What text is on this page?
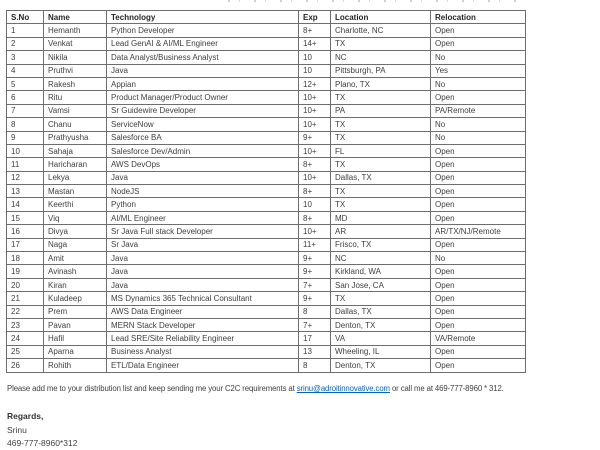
S.No	Name	Technology	Exp	Location	Relocation
1	Hemanth	Python Developer	8+	Charlotte, NC	Open
2	Venkat	Lead GenAI & AI/ML Engineer	14+	TX	Open
3	Nikila	Data Analyst/Business Analyst	10	NC	No
4	Pruthvi	Java	10	Pittsburgh, PA	Yes
5	Rakesh	Appian	12+	Plano, TX	No
6	Ritu	Product Manager/Product Owner	10+	TX	Open
7	Vamsi	Sr Guidewire Developer	10+	PA	PA/Remote
8	Chanu	ServiceNow	10+	TX	No
9	Prathyusha	Salesforce BA	9+	TX	No
10	Sahaja	Salesforce Dev/Admin	10+	FL	Open
11	Haricharan	AWS DevOps	8+	TX	Open
12	Lekya	Java	10+	Dallas, TX	Open
13	Mastan	NodeJS	8+	TX	Open
14	Keerthi	Python	10	TX	Open
15	Viq	AI/ML Engineer	8+	MD	Open
16	Divya	Sr Java Full stack Developer	10+	AR	AR/TX/NJ/Remote
17	Naga	Sr Java	11+	Frisco, TX	Open
18	Amit	Java	9+	NC	No
19	Avinash	Java	9+	Kirkland, WA	Open
20	Kiran	Java	7+	San Jose, CA	Open
21	Kuladeep	MS Dynamics 365 Technical Consultant	9+	TX	Open
22	Prem	AWS Data Engineer	8	Dallas, TX	Open
23	Pavan	MERN Stack Developer	7+	Denton, TX	Open
24	Hafil	Lead SRE/Site Reliability Engineer	17	VA	VA/Remote
25	Aparna	Business Analyst	13	Wheeling, IL	Open
26	Rohith	ETL/Data Engineer	8	Denton, TX	Open
Please add me to your distribution list and keep sending me your C2C requirements at srinu@adroitinnovative.com or call me at 469-777-8960 * 312.
Regards,
Srinu
469-777-8960*312
